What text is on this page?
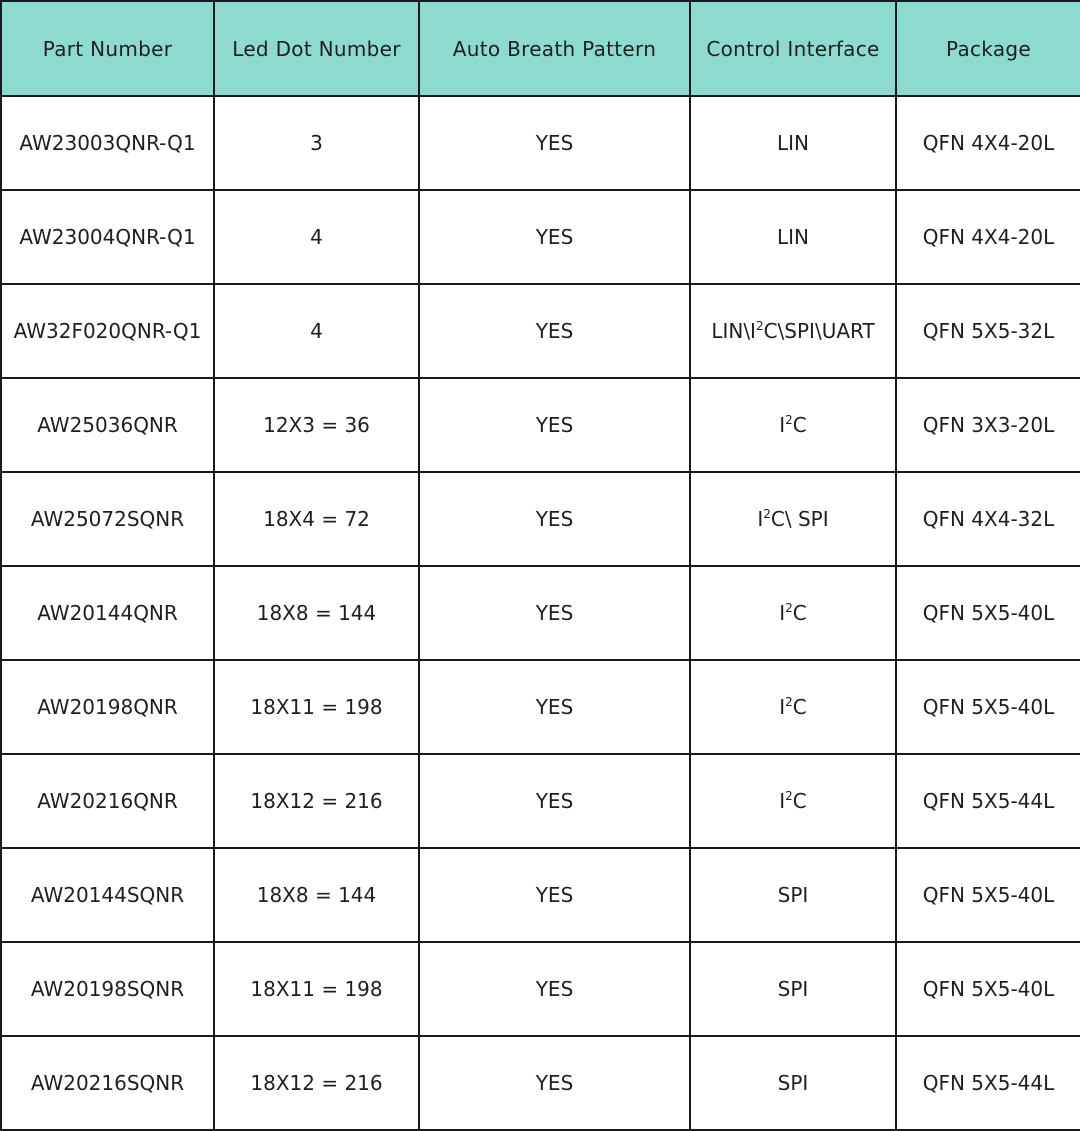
Part Number	Led Dot Number	Auto Breath Pattern	Control Interface	Package
AW23003QNR-Q1	3	YES	LIN	QFN 4X4-20L
AW23004QNR-Q1	4	YES	LIN	QFN 4X4-20L
AW32F020QNR-Q1	4	YES	$LIN\backslash I^2C\backslash SPI\backslash UART$	QFN 5X5-32L
AW25036QNR	12X3 = 36	YES	$I^2C$	QFN 3X3-20L
AW25072SQNR	18X4 = 72	YES	$I^2C\backslash$ SPI	QFN 4X4-32L
AW20144QNR	18X8 = 144	YES	$I^2C$	QFN 5X5-40L
AW20198QNR	18X11 = 198	YES	$I^2C$	QFN 5X5-40L
AW20216QNR	18X12 = 216	YES	$I^2C$	QFN 5X5-44L
AW20144SQNR	18X8 = 144	YES	SPI	QFN 5X5-40L
AW20198SQNR	18X11 = 198	YES	SPI	QFN 5X5-40L
AW20216SQNR	18X12 = 216	YES	SPI	QFN 5X5-44L
